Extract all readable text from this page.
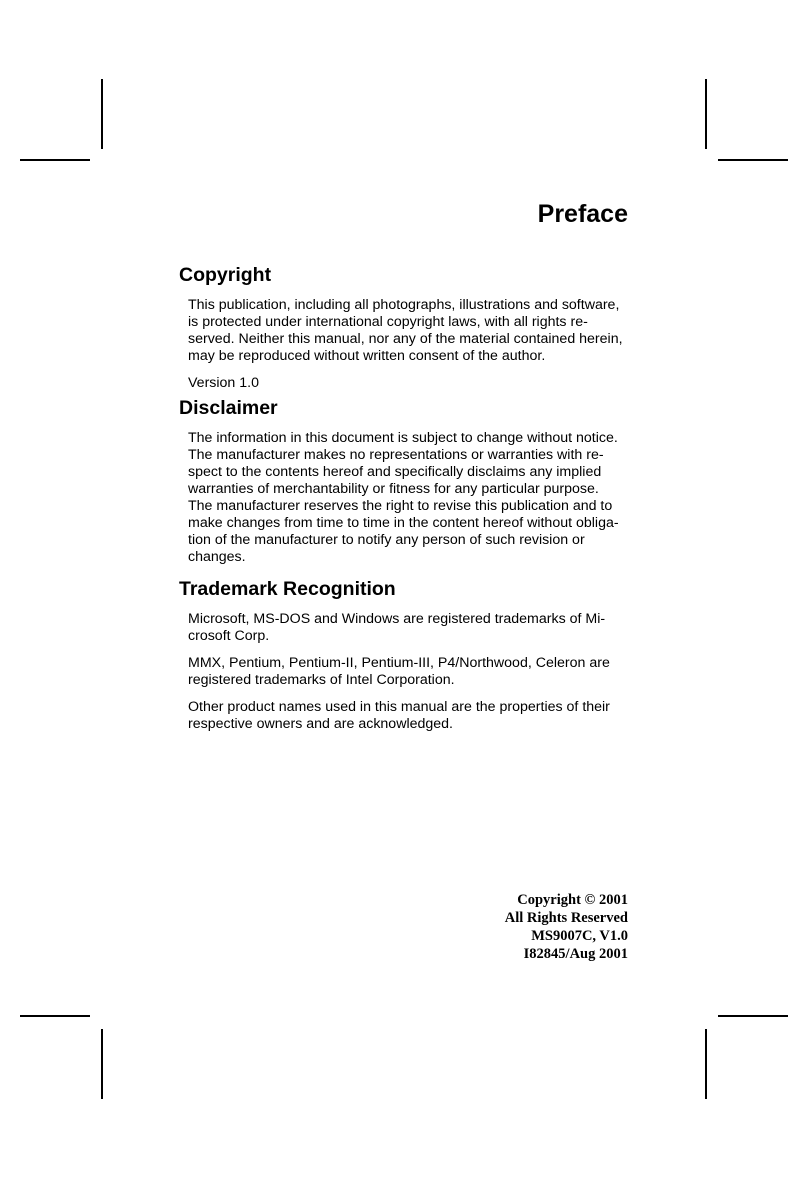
Preface
Copyright

This publication, including all photographs, illustrations and software,
is protected under international copyright laws, with all rights re-
served. Neither this manual, nor any of the material contained herein,
may be reproduced without written consent of the author.

Version 1.0

Disclaimer

The information in this document is subject to change without notice.
The manufacturer makes no representations or warranties with re-
spect to the contents hereof and specifically disclaims any implied
warranties of merchantability or fitness for any particular purpose.
The manufacturer reserves the right to revise this publication and to
make changes from time to time in the content hereof without obliga-
tion of the manufacturer to notify any person of such revision or
changes.

Trademark Recognition

Microsoft, MS-DOS and Windows are registered trademarks of Mi-
crosoft Corp.

MMX, Pentium, Pentium-II, Pentium-III, P4/Northwood, Celeron are
registered trademarks of Intel Corporation.

Other product names used in this manual are the properties of their
respective owners and are acknowledged.

Copyright © 2001
All Rights Reserved
MS9007C, V1.0
I82845/Aug 2001
